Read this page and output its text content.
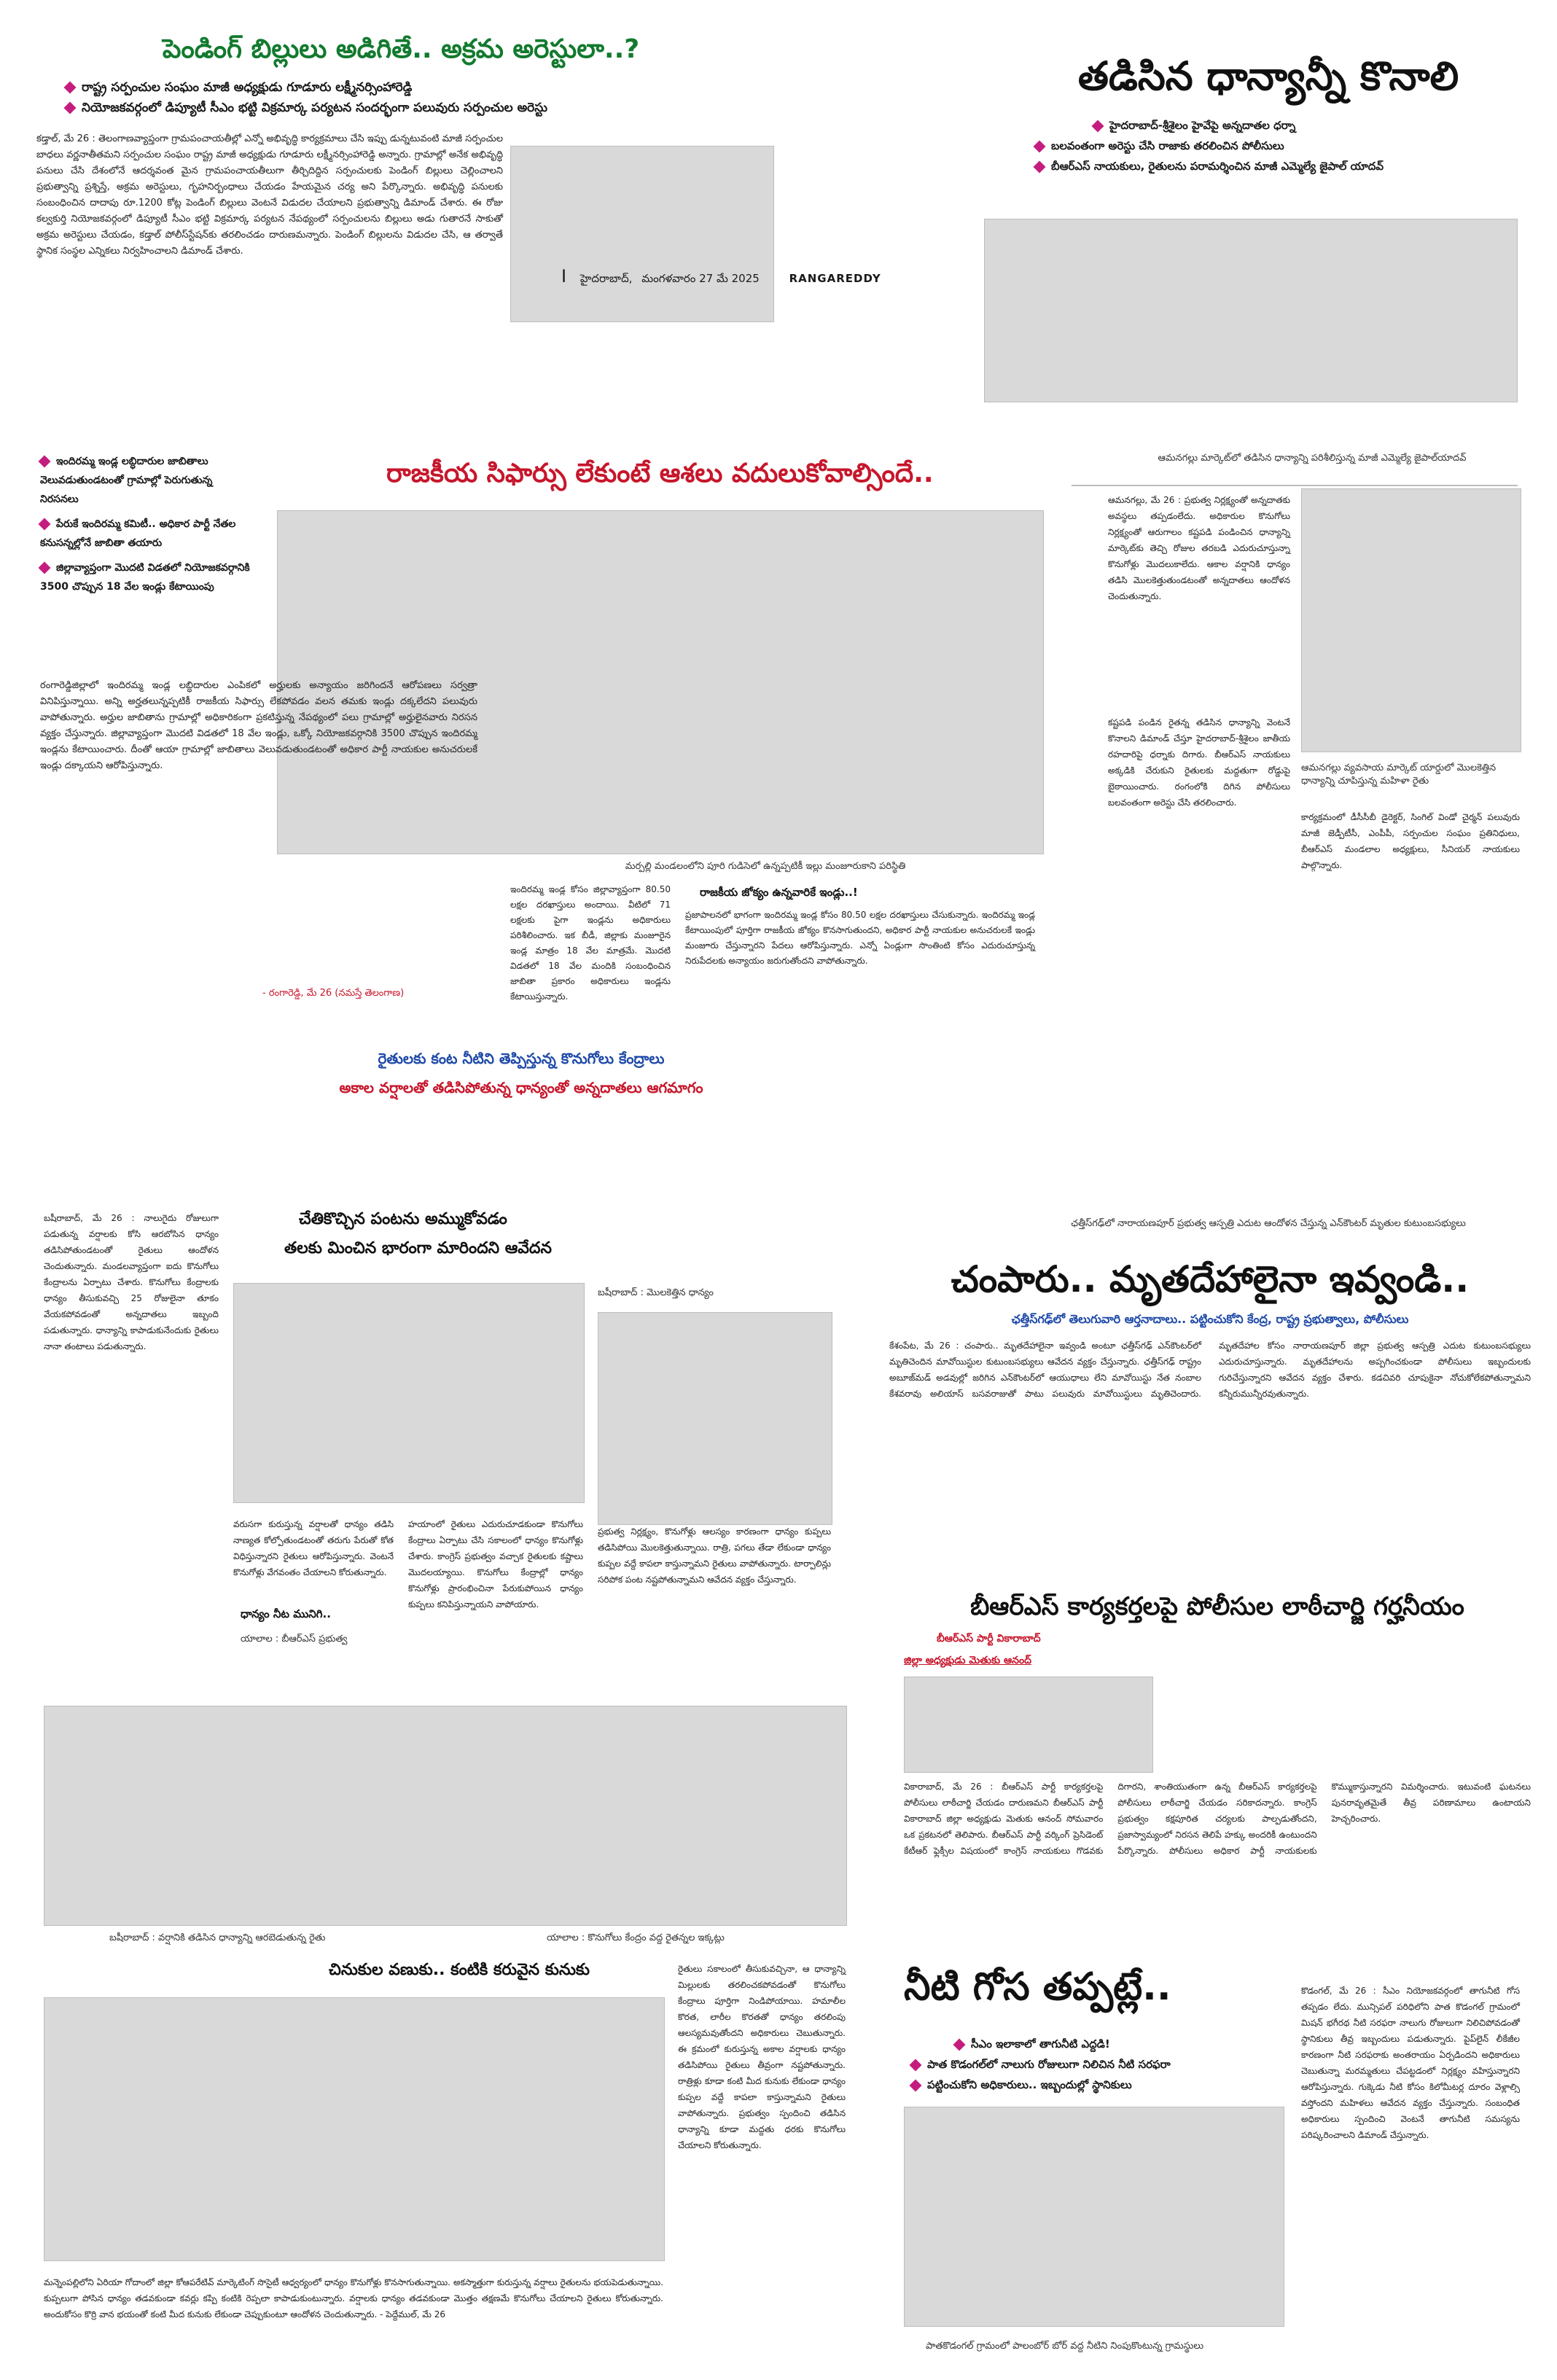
పెండింగ్ బిల్లులు అడిగితే.. అక్రమ అరెస్టులా..?
రాష్ట్ర సర్పంచుల సంఘం మాజీ అధ్యక్షుడు గూడూరు లక్ష్మీనర్సింహారెడ్డి
నియోజకవర్గంలో డిప్యూటీ సీఎం భట్టి విక్రమార్క పర్యటన సందర్భంగా పలువురు సర్పంచుల అరెస్టు
కడ్తాల్, మే 26 : తెలంగాణవ్యాప్తంగా గ్రామపంచాయతీల్లో ఎన్నో అభివృద్ధి కార్యక్రమాలు చేసి ఇప్పు డున్నటువంటి మాజీ సర్పంచుల బాధలు వర్ణనాతీతమని సర్పంచుల సంఘం రాష్ట్ర మాజీ అధ్యక్షుడు గూడూరు లక్ష్మీనర్సింహారెడ్డి అన్నారు. గ్రామాల్లో అనేక అభివృద్ధి పనులు చేసి దేశంలోనే ఆదర్శవంత మైన గ్రామపంచాయతీలుగా తీర్చిదిద్దిన సర్పంచులకు పెండింగ్ బిల్లులు చెల్లించాలని ప్రభుత్వాన్ని ప్రశ్నిస్తే, అక్రమ అరెస్టులు, గృహనిర్బంధాలు చేయడం హేయమైన చర్య అని పేర్కొన్నారు. అభివృద్ధి పనులకు సంబంధించిన దాదాపు రూ.1200 కోట్ల పెండింగ్ బిల్లులు వెంటనే విడుదల చేయాలని ప్రభుత్వాన్ని డిమాండ్ చేశారు. ఈ రోజు కల్వకుర్తి నియోజకవర్గంలో డిప్యూటీ సీఎం భట్టి విక్రమార్క పర్యటన నేపథ్యంలో సర్పంచులను బిల్లులు అడు గుతారనే సాకుతో అక్రమ అరెస్టులు చేయడం, కడ్తాల్ పోలీస్‌స్టేషన్‌కు తరలించడం దారుణమన్నారు. పెండింగ్ బిల్లులను విడుదల చేసి, ఆ తర్వాతే స్థానిక సంస్థల ఎన్నికలు నిర్వహించాలని డిమాండ్ చేశారు.
తడిసిన ధాన్యాన్నీ కొనాలి
హైదరాబాద్-శ్రీశైలం హైవేపై అన్నదాతల ధర్నా
బలవంతంగా అరెస్టు చేసి రాజాకు తరలించిన పోలీసులు
బీఆర్ఎస్ నాయకులు, రైతులను పరామర్శించిన మాజీ ఎమ్మెల్యే జైపాల్ యాదవ్
I హైదరాబాద్, మంగళవారం 27 మే 2025	RANGAREDDY
ఇందిరమ్మ ఇండ్ల లబ్ధిదారుల జాబితాలు వెలువడుతుండటంతో గ్రామాల్లో పెరుగుతున్న నిరసనలు
పేరుకే ఇందిరమ్మ కమిటీ.. అధికార పార్టీ నేతల కనుసన్నల్లోనే జాబితా తయారు
జిల్లావ్యాప్తంగా మొదటి విడతలో నియోజకవర్గానికి 3500 చొప్పున 18 వేల ఇండ్లు కేటాయింపు
రాజకీయ సిఫార్సు లేకుంటే ఆశలు వదులుకోవాల్సిందే..
రంగారెడ్డిజిల్లాలో ఇందిరమ్మ ఇండ్ల లబ్ధిదారుల ఎంపికలో అర్హులకు అన్యాయం జరిగిందనే ఆరోపణలు సర్వత్రా వినిపిస్తున్నాయి. అన్ని అర్హతలున్నప్పటికీ రాజకీయ సిఫార్సు లేకపోవడం వలన తమకు ఇండ్లు దక్కలేదని పలువురు వాపోతున్నారు. అర్హుల జాబితాను గ్రామాల్లో అధికారికంగా ప్రకటిస్తున్న నేపథ్యంలో పలు గ్రామాల్లో అర్హులైనవారు నిరసన వ్యక్తం చేస్తున్నారు. జిల్లావ్యాప్తంగా మొదటి విడతలో 18 వేల ఇండ్లు, ఒక్కో నియోజకవర్గానికి 3500 చొప్పున ఇందిరమ్మ ఇండ్లను కేటాయించారు. దీంతో ఆయా గ్రామాల్లో జాబితాలు వెలువడుతుండటంతో అధికార పార్టీ నాయకుల అనుచరులకే ఇండ్లు దక్కాయని ఆరోపిస్తున్నారు.
- రంగారెడ్డి, మే 26 (నమస్తే తెలంగాణ)
మర్పల్లి మండలంలోని పూరి గుడిసెలో ఉన్నప్పటికీ ఇల్లు మంజూరుకాని పరిస్థితి
ఇందిరమ్మ ఇండ్ల కోసం జిల్లావ్యాప్తంగా 80.50 లక్షల దరఖాస్తులు అందాయి. వీటిలో 71 లక్షలకు పైగా ఇండ్లను అధికారులు పరిశీలించారు. ఇక బీడీ, జిల్లాకు మంజూరైన ఇండ్ల మాత్రం 18 వేల మాత్రమే. మొదటి విడతలో 18 వేల మందికి సంబంధించిన జాబితా ప్రకారం అధికారులు ఇండ్లను కేటాయిస్తున్నారు.
రాజకీయ జోక్యం ఉన్నవారికే ఇండ్లు..!
ప్రజాపాలనలో భాగంగా ఇందిరమ్మ ఇండ్ల కోసం 80.50 లక్షల దరఖాస్తులు చేసుకున్నారు. ఇందిరమ్మ ఇండ్ల కేటాయింపులో పూర్తిగా రాజకీయ జోక్యం కొనసాగుతుందని, అధికార పార్టీ నాయకుల అనుచరులకే ఇండ్లు మంజూరు చేస్తున్నారని పేదలు ఆరోపిస్తున్నారు. ఎన్నో ఏండ్లుగా సొంతింటి కోసం ఎదురుచూస్తున్న నిరుపేదలకు అన్యాయం జరుగుతోందని వాపోతున్నారు.
రైతులకు కంట నీటిని తెప్పిస్తున్న కొనుగోలు కేంద్రాలు
అకాల వర్షాలతో తడిసిపోతున్న ధాన్యంతో అన్నదాతలు ఆగమాగం
ఆమనగల్లు మార్కెట్‌లో తడిసిన ధాన్యాన్ని పరిశీలిస్తున్న మాజీ ఎమ్మెల్యే జైపాల్‌యాదవ్
ఆమనగల్లు, మే 26 : ప్రభుత్వ నిర్లక్ష్యంతో అన్నదాతకు అవస్థలు తప్పడంలేదు. అధికారుల కొనుగోలు నిర్లక్ష్యంతో ఆరుగాలం కష్టపడి పండించిన ధాన్యాన్ని మార్కెట్‌కు తెచ్చి రోజుల తరబడి ఎదురుచూస్తున్నా కొనుగోళ్లు మొదలుకాలేదు. ఆకాల వర్షానికి ధాన్యం తడిసి మొలకెత్తుతుండటంతో అన్నదాతలు ఆందోళన చెందుతున్నారు.
కష్టపడి పండిన రైతన్న తడిసిన ధాన్యాన్ని వెంటనే కొనాలని డిమాండ్ చేస్తూ హైదరాబాద్-శ్రీశైలం జాతీయ రహదారిపై ధర్నాకు దిగారు. బీఆర్ఎస్ నాయకులు అక్కడికి చేరుకుని రైతులకు మద్దతుగా రోడ్డుపై బైఠాయించారు. రంగంలోకి దిగిన పోలీసులు బలవంతంగా అరెస్టు చేసి తరలించారు.
ఆమనగల్లు వ్యవసాయ మార్కెట్ యార్డులో మొలకెత్తిన ధాన్యాన్ని చూపిస్తున్న మహిళా రైతు
కార్యక్రమంలో డీసీసీబీ డైరెక్టర్, సింగిల్ విండో చైర్మన్ పలువురు మాజీ జెడ్పీటీసీ, ఎంపీపీ, సర్పంచుల సంఘం ప్రతినిధులు, బీఆర్ఎస్ మండలాల అధ్యక్షులు, సీనియర్ నాయకులు పాల్గొన్నారు.
చేతికొచ్చిన పంటను అమ్ముకోవడం
తలకు మించిన భారంగా మారిందని ఆవేదన
బషీరాబాద్, మే 26 : నాలుగైదు రోజులుగా పడుతున్న వర్షాలకు కోసి ఆరబోసిన ధాన్యం తడిసిపోతుండటంతో రైతులు ఆందోళన చెందుతున్నారు. మండలవ్యాప్తంగా ఐదు కొనుగోలు కేంద్రాలను ఏర్పాటు చేశారు. కొనుగోలు కేంద్రాలకు ధాన్యం తీసుకువచ్చి 25 రోజులైనా తూకం వేయకపోవడంతో అన్నదాతలు ఇబ్బంది పడుతున్నారు. ధాన్యాన్ని కాపాడుకునేందుకు రైతులు నానా తంటాలు పడుతున్నారు.
బషీరాబాద్ : మొలకెత్తిన ధాన్యం
ప్రభుత్వ నిర్లక్ష్యం, కొనుగోళ్లు ఆలస్యం కారణంగా ధాన్యం కుప్పలు తడిసిపోయి మొలకెత్తుతున్నాయి. రాత్రి, పగలు తేడా లేకుండా ధాన్యం కుప్పల వద్దే కాపలా కాస్తున్నామని రైతులు వాపోతున్నారు. టార్పాలిన్లు సరిపోక పంట నష్టపోతున్నామని ఆవేదన వ్యక్తం చేస్తున్నారు.
వరుసగా కురుస్తున్న వర్షాలతో ధాన్యం తడిసి నాణ్యత కోల్పోతుండటంతో తరుగు పేరుతో కోత విధిస్తున్నారని రైతులు ఆరోపిస్తున్నారు. వెంటనే కొనుగోళ్లు వేగవంతం చేయాలని కోరుతున్నారు.
ధాన్యం నీట మునిగి..
యాలాల : బీఆర్ఎస్ ప్రభుత్వ
హయాంలో రైతులు ఎదురుచూడకుండా కొనుగోలు కేంద్రాలు ఏర్పాటు చేసి సకాలంలో ధాన్యం కొనుగోళ్లు చేశారు. కాంగ్రెస్ ప్రభుత్వం వచ్చాక రైతులకు కష్టాలు మొదలయ్యాయి. కొనుగోలు కేంద్రాల్లో ధాన్యం కొనుగోళ్లు ప్రారంభించినా పేరుకుపోయిన ధాన్యం కుప్పలు కనిపిస్తున్నాయని వాపోయారు.
ఛత్తీస్‌గఢ్‌లో నారాయణపూర్ ప్రభుత్వ ఆస్పత్రి ఎదుట ఆందోళన చేస్తున్న ఎన్‌కౌంటర్ మృతుల కుటుంబసభ్యులు
చంపారు.. మృతదేహాలైనా ఇవ్వండి..
ఛత్తీస్‌గఢ్‌లో తెలుగువారి ఆర్తనాదాలు.. పట్టించుకోని కేంద్ర, రాష్ట్ర ప్రభుత్వాలు, పోలీసులు
కేశంపేట, మే 26 : చంపారు.. మృతదేహాలైనా ఇవ్వండి అంటూ ఛత్తీస్‌గఢ్ ఎన్‌కౌంటర్‌లో మృతిచెందిన మావోయిస్టుల కుటుంబసభ్యులు ఆవేదన వ్యక్తం చేస్తున్నారు. ఛత్తీస్‌గఢ్ రాష్ట్రం అబూజ్‌మడ్ అడవుల్లో జరిగిన ఎన్‌కౌంటర్‌లో ఆయుధాలు లేని మావోయిస్టు నేత నంబాల కేశవరావు అలియాస్ బసవరాజుతో పాటు పలువురు మావోయిస్టులు మృతిచెందారు. మృతదేహాల కోసం నారాయణపూర్ జిల్లా ప్రభుత్వ ఆస్పత్రి ఎదుట కుటుంబసభ్యులు ఎదురుచూస్తున్నారు. మృతదేహాలను అప్పగించకుండా పోలీసులు ఇబ్బందులకు గురిచేస్తున్నారని ఆవేదన వ్యక్తం చేశారు. కడచివరి చూపుకైనా నోచుకోలేకపోతున్నామని కన్నీరుమున్నీరవుతున్నారు.
బీఆర్ఎస్ కార్యకర్తలపై పోలీసుల లాఠీచార్జి గర్హనీయం
బీఆర్ఎస్ పార్టీ వికారాబాద్
జిల్లా అధ్యక్షుడు మెతుకు ఆనంద్
వికారాబాద్, మే 26 : బీఆర్ఎస్ పార్టీ కార్యకర్తలపై పోలీసులు లాఠీచార్జి చేయడం దారుణమని బీఆర్ఎస్ పార్టీ వికారాబాద్ జిల్లా అధ్యక్షుడు మెతుకు ఆనంద్ సోమవారం ఒక ప్రకటనలో తెలిపారు. బీఆర్ఎస్ పార్టీ వర్కింగ్ ప్రెసిడెంట్ కేటీఆర్ ఫ్లెక్సీల విషయంలో కాంగ్రెస్ నాయకులు గొడవకు దిగారని, శాంతియుతంగా ఉన్న బీఆర్ఎస్ కార్యకర్తలపై పోలీసులు లాఠీచార్జి చేయడం సరికాదన్నారు. కాంగ్రెస్ ప్రభుత్వం కక్షపూరిత చర్యలకు పాల్పడుతోందని, ప్రజాస్వామ్యంలో నిరసన తెలిపే హక్కు అందరికీ ఉంటుందని పేర్కొన్నారు. పోలీసులు అధికార పార్టీ నాయకులకు కొమ్ముకాస్తున్నారని విమర్శించారు. ఇటువంటి ఘటనలు పునరావృతమైతే తీవ్ర పరిణామాలు ఉంటాయని హెచ్చరించారు.
బషీరాబాద్ : వర్షానికి తడిసిన ధాన్యాన్ని ఆరబెడుతున్న రైతు	యాలాల : కొనుగోలు కేంద్రం వద్ద రైతన్నల ఇక్కట్లు
చినుకుల వణుకు.. కంటికి కరువైన కునుకు	రైతులు సకాలంలో తీసుకువచ్చినా, ఆ ధాన్యాన్ని మిల్లులకు తరలించకపోవడంతో కొనుగోలు కేంద్రాలు పూర్తిగా నిండిపోయాయి. హమాలీల కొరత, లారీల కొరతతో ధాన్యం తరలింపు ఆలస్యమవుతోందని అధికారులు చెబుతున్నారు. ఈ క్రమంలో కురుస్తున్న అకాల వర్షాలకు ధాన్యం తడిసిపోయి రైతులు తీవ్రంగా నష్టపోతున్నారు. రాత్రిళ్లు కూడా కంటి మీద కునుకు లేకుండా ధాన్యం కుప్పల వద్దే కాపలా కాస్తున్నామని రైతులు వాపోతున్నారు. ప్రభుత్వం స్పందించి తడిసిన ధాన్యాన్ని కూడా మద్దతు ధరకు కొనుగోలు చేయాలని కోరుతున్నారు.
మన్నెంపల్లిలోని ఏరియా గోదాంలో జిల్లా కోఆపరేటివ్ మార్కెటింగ్ సొసైటీ ఆధ్వర్యంలో ధాన్యం కొనుగోళ్లు కొనసాగుతున్నాయి. అకస్మాత్తుగా కురుస్తున్న వర్షాలు రైతులను భయపెడుతున్నాయి. కుప్పలుగా పోసిన ధాన్యం తడవకుండా కవర్లు కప్పి కంటికి రెప్పలా కాపాడుకుంటున్నారు. వర్షాలకు ధాన్యం తడవకుండా మొత్తం తక్షణమే కొనుగోలు చేయాలని రైతులు కోరుతున్నారు. అందుకోసం కొర్రి వాన భయంతో కంటి మీద కునుకు లేకుండా చెప్పుకుంటూ ఆందోళన చెందుతున్నారు. - పెద్దేముల్, మే 26
నీటి గోస తప్పట్లే..
సీఎం ఇలాకాలో తాగునీటి ఎద్దడి!
పాత కొడంగల్‌లో నాలుగు రోజులుగా నిలిచిన నీటి సరఫరా
పట్టించుకోని అధికారులు.. ఇబ్బందుల్లో స్థానికులు
కొడంగల్, మే 26 : సీఎం నియోజకవర్గంలో తాగునీటి గోస తప్పడం లేదు. మున్సిపల్ పరిధిలోని పాత కొడంగల్ గ్రామంలో మిషన్ భగీరథ నీటి సరఫరా నాలుగు రోజులుగా నిలిచిపోవడంతో స్థానికులు తీవ్ర ఇబ్బందులు పడుతున్నారు. పైప్‌లైన్ లీకేజీల కారణంగా నీటి సరఫరాకు అంతరాయం ఏర్పడిందని అధికారులు చెబుతున్నా మరమ్మతులు చేపట్టడంలో నిర్లక్ష్యం వహిస్తున్నారని ఆరోపిస్తున్నారు. గుక్కెడు నీటి కోసం కిలోమీటర్ల దూరం వెళ్లాల్సి వస్తోందని మహిళలు ఆవేదన వ్యక్తం చేస్తున్నారు. సంబంధిత అధికారులు స్పందించి వెంటనే తాగునీటి సమస్యను పరిష్కరించాలని డిమాండ్ చేస్తున్నారు.
పాతకొడంగల్ గ్రామంలో పాలంబోర్ బోర్ వద్ద నీటిని నింపుకొంటున్న గ్రామస్థులు
